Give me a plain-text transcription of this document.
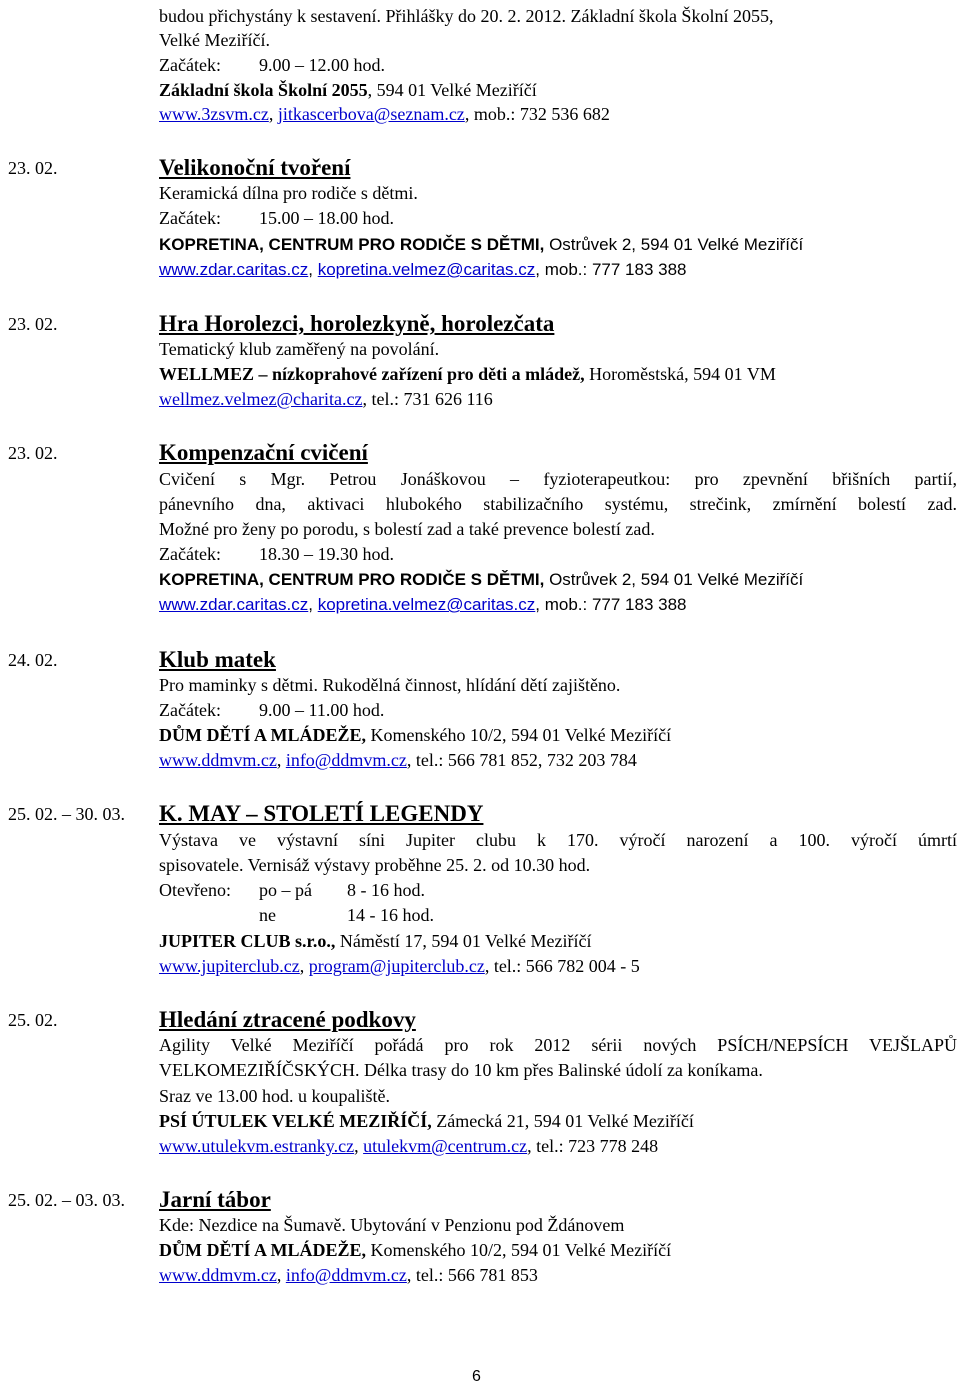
budou přichystány k sestavení. Přihlášky do 20. 2. 2012. Základní škola Školní 2055,
Velké Meziříčí.
Začátek: 9.00 – 12.00 hod.
Základní škola Školní 2055, 594 01 Velké Meziříčí
www.3zsvm.cz, jitkascerbova@seznam.cz, mob.: 732 536 682
23. 02.	Velikonoční tvoření
Keramická dílna pro rodiče s dětmi.
Začátek: 15.00 – 18.00 hod.
KOPRETINA, CENTRUM PRO RODIČE S DĚTMI, Ostrůvek 2, 594 01 Velké Meziříčí
www.zdar.caritas.cz, kopretina.velmez@caritas.cz, mob.: 777 183 388
23. 02.	Hra Horolezci, horolezkyně, horolezčata
Tematický klub zaměřený na povolání.
WELLMEZ – nízkoprahové zařízení pro děti a mládež, Horoměstská, 594 01 VM
wellmez.velmez@charita.cz, tel.: 731 626 116
23. 02.	Kompenzační cvičení
Cvičení s Mgr. Petrou Jonáškovou – fyzioterapeutkou: pro zpevnění břišních partií,
pánevního dna, aktivaci hlubokého stabilizačního systému, strečink, zmírnění bolestí zad.
Možné pro ženy po porodu, s bolestí zad a také prevence bolestí zad.
Začátek: 18.30 – 19.30 hod.
KOPRETINA, CENTRUM PRO RODIČE S DĚTMI, Ostrůvek 2, 594 01 Velké Meziříčí
www.zdar.caritas.cz, kopretina.velmez@caritas.cz, mob.: 777 183 388
24. 02.	Klub matek
Pro maminky s dětmi. Rukodělná činnost, hlídání dětí zajištěno.
Začátek: 9.00 – 11.00 hod.
DŮM DĚTÍ A MLÁDEŽE, Komenského 10/2, 594 01 Velké Meziříčí
www.ddmvm.cz, info@ddmvm.cz, tel.: 566 781 852, 732 203 784
25. 02. – 30. 03. K. MAY – STOLETÍ LEGENDY
Výstava ve výstavní síni Jupiter clubu k 170. výročí narození a 100. výročí úmrtí
spisovatele. Vernisáž výstavy proběhne 25. 2. od 10.30 hod.
Otevřeno: po – pá 8 - 16 hod.
ne	14 - 16 hod.
JUPITER CLUB s.r.o., Náměstí 17, 594 01 Velké Meziříčí
www.jupiterclub.cz, program@jupiterclub.cz, tel.: 566 782 004 - 5
25. 02.	Hledání ztracené podkovy
Agility Velké Meziříčí pořádá pro rok 2012 sérii nových PSÍCH/NEPSÍCH VEJŠLAPŮ
VELKOMEZIŘÍČSKÝCH. Délka trasy do 10 km přes Balinské údolí za koníkama.
Sraz ve 13.00 hod. u koupaliště.
PSÍ ÚTULEK VELKÉ MEZIŘÍČÍ, Zámecká 21, 594 01 Velké Meziříčí
www.utulekvm.estranky.cz, utulekvm@centrum.cz, tel.: 723 778 248
25. 02. – 03. 03. Jarní tábor
Kde: Nezdice na Šumavě. Ubytování v Penzionu pod Ždánovem
DŮM DĚTÍ A MLÁDEŽE, Komenského 10/2, 594 01 Velké Meziříčí
www.ddmvm.cz, info@ddmvm.cz, tel.: 566 781 853
6
